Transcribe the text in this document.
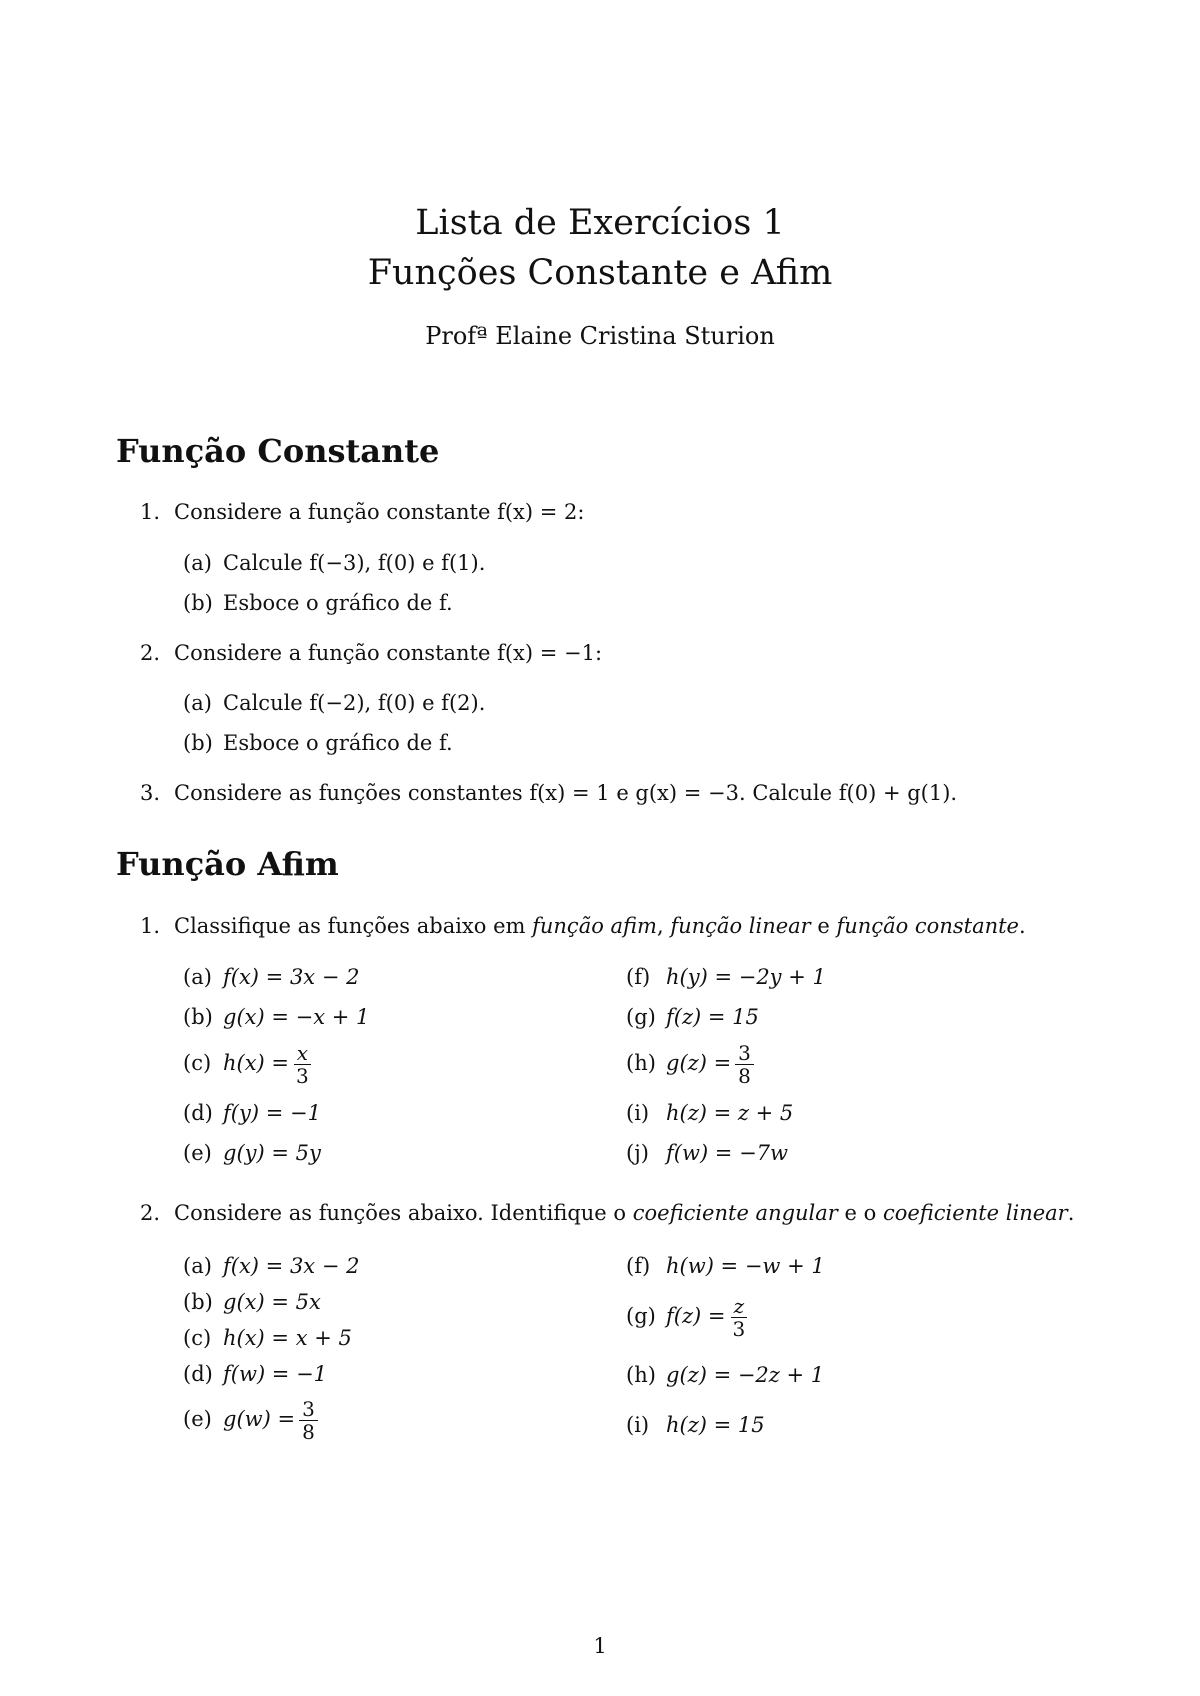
Lista de Exercícios 1
Funções Constante e Afim
Profª Elaine Cristina Sturion
Função Constante
1. Considere a função constante f(x) = 2:
(a) Calcule f(−3), f(0) e f(1).
(b) Esboce o gráfico de f.
2. Considere a função constante f(x) = −1:
(a) Calcule f(−2), f(0) e f(2).
(b) Esboce o gráfico de f.
3. Considere as funções constantes f(x) = 1 e g(x) = −3. Calcule f(0) + g(1).
Função Afim
1. Classifique as funções abaixo em função afim, função linear e função constante.
(a) f(x) = 3x − 2
(b) g(x) = −x + 1
(c) $h(x) = \frac{x}{3}$
(d) f(y) = −1
(e) g(y) = 5y
(f) h(y) = −2y + 1
(g) f(z) = 15
(h) $g(z) = \frac{3}{8}$
(i) h(z) = z + 5
(j) f(w) = −7w
2. Considere as funções abaixo. Identifique o coeficiente angular e o coeficiente linear.
(a) f(x) = 3x − 2
(b) g(x) = 5x
(c) h(x) = x + 5
(d) f(w) = −1
(e) $g(w) = \frac{3}{8}$
(f) h(w) = −w + 1
(g) $f(z) = \frac{z}{3}$
(h) g(z) = −2z + 1
(i) h(z) = 15
1
